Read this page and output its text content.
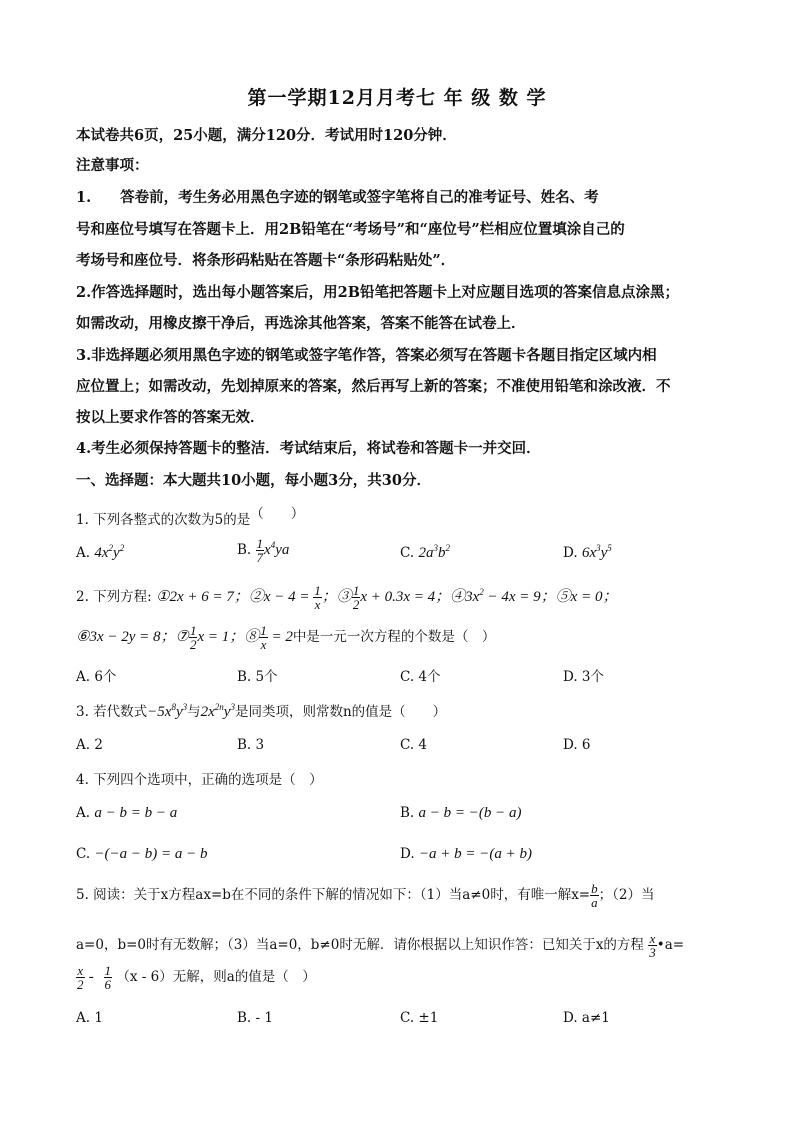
第一学期12月月考七 年 级 数 学
本试卷共6页，25小题，满分120分．考试用时120分钟．
注意事项：
1.　　答卷前，考生务必用黑色字迹的钢笔或签字笔将自己的准考证号、姓名、考
号和座位号填写在答题卡上．用2B铅笔在“考场号”和“座位号”栏相应位置填涂自己的
考场号和座位号．将条形码粘贴在答题卡“条形码粘贴处”．
2.作答选择题时，选出每小题答案后，用2B铅笔把答题卡上对应题目选项的答案信息点涂黑；
如需改动，用橡皮擦干净后，再选涂其他答案，答案不能答在试卷上．
3.非选择题必须用黑色字迹的钢笔或签字笔作答，答案必须写在答题卡各题目指定区域内相
应位置上；如需改动，先划掉原来的答案，然后再写上新的答案；不准使用铅笔和涂改液．不
按以上要求作答的答案无效．
4.考生必须保持答题卡的整洁．考试结束后，将试卷和答题卡一并交回．
一、选择题：本大题共10小题，每小题3分，共30分．
1. 下列各整式的次数为5的是（　　）
A. $4x^2y^2$	B. $\frac{1}{7} x^4ya$	C. $2a^3b^2$	D. $6x^3y^5$
2. 下列方程: ①2x + 6 = 7；②x − $4 = \frac{1}{x}$ ；③ $\frac{1}{2}$ x + 0.3x = 4；$④3x^2 - 4x = 9$；⑤x = 0；
⑥3x − 2y = 8；⑦ $\frac{1}{2}$ x = 1；⑧ $\frac{1}{x} = 2$中是一元一次方程的个数是（　）
A. 6个	B. 5个	C. 4个	D. 3个
3. 若代数式$-5x^8y^3$与$2x^{2n}y^3$是同类项，则常数n的值是（　　）
A. 2	B. 3	C. 4	D. 6
4. 下列四个选项中，正确的选项是（　）
A. a − b = b − a	B. a − b = −(b − a)
C. −(−a − b) = a − b	D. −a + b = −(a + b)
5. 阅读：关于x方程ax=b在不同的条件下解的情况如下：（1）当a≠0时，有唯一解$x= \frac{b}{a}$ ；（2）当
a=0，b=0时有无数解；（3）当a=0，b≠0时无解．请你根据以上知识作答：已知关于x的方程 $\frac{x}{3}$ •a=
$\frac{x}{2} - \frac{1}{6} (x - 6)$无解，则a的值是（　）
A. 1	B. - 1	C. ±1	D. a≠1
